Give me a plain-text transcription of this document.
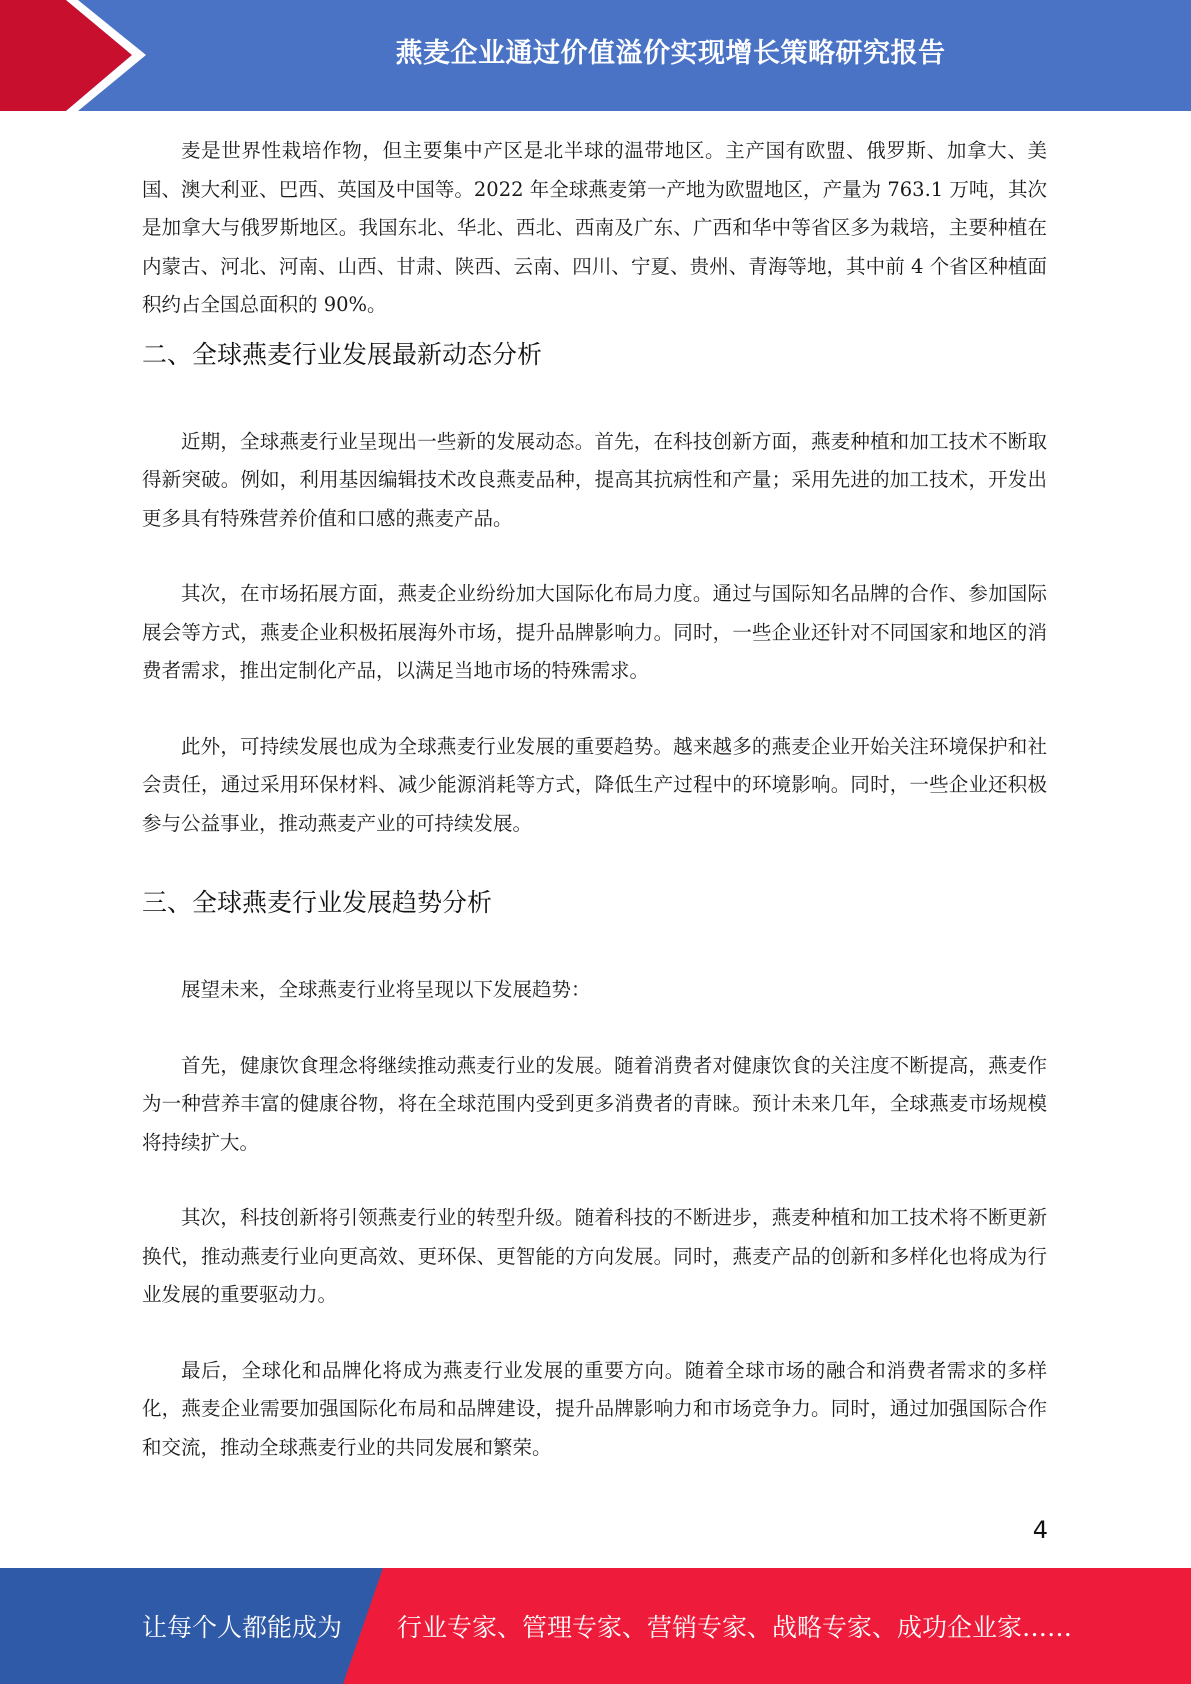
燕麦企业通过价值溢价实现增长策略研究报告

麦是世界性栽培作物，但主要集中产区是北半球的温带地区。主产国有欧盟、俄罗斯、加拿大、美国、澳大利亚、巴西、英国及中国等。2022 年全球燕麦第一产地为欧盟地区，产量为 763.1 万吨，其次是加拿大与俄罗斯地区。我国东北、华北、西北、西南及广东、广西和华中等省区多为栽培，主要种植在内蒙古、河北、河南、山西、甘肃、陕西、云南、四川、宁夏、贵州、青海等地，其中前 4 个省区种植面积约占全国总面积的 90%。

二、全球燕麦行业发展最新动态分析

近期，全球燕麦行业呈现出一些新的发展动态。首先，在科技创新方面，燕麦种植和加工技术不断取得新突破。例如，利用基因编辑技术改良燕麦品种，提高其抗病性和产量；采用先进的加工技术，开发出更多具有特殊营养价值和口感的燕麦产品。

其次，在市场拓展方面，燕麦企业纷纷加大国际化布局力度。通过与国际知名品牌的合作、参加国际展会等方式，燕麦企业积极拓展海外市场，提升品牌影响力。同时，一些企业还针对不同国家和地区的消费者需求，推出定制化产品，以满足当地市场的特殊需求。

此外，可持续发展也成为全球燕麦行业发展的重要趋势。越来越多的燕麦企业开始关注环境保护和社会责任，通过采用环保材料、减少能源消耗等方式，降低生产过程中的环境影响。同时，一些企业还积极参与公益事业，推动燕麦产业的可持续发展。

三、全球燕麦行业发展趋势分析

展望未来，全球燕麦行业将呈现以下发展趋势：

首先，健康饮食理念将继续推动燕麦行业的发展。随着消费者对健康饮食的关注度不断提高，燕麦作为一种营养丰富的健康谷物，将在全球范围内受到更多消费者的青睐。预计未来几年，全球燕麦市场规模将持续扩大。

其次，科技创新将引领燕麦行业的转型升级。随着科技的不断进步，燕麦种植和加工技术将不断更新换代，推动燕麦行业向更高效、更环保、更智能的方向发展。同时，燕麦产品的创新和多样化也将成为行业发展的重要驱动力。

最后，全球化和品牌化将成为燕麦行业发展的重要方向。随着全球市场的融合和消费者需求的多样化，燕麦企业需要加强国际化布局和品牌建设，提升品牌影响力和市场竞争力。同时，通过加强国际合作和交流，推动全球燕麦行业的共同发展和繁荣。

4
让每个人都能成为 行业专家、管理专家、营销专家、战略专家、成功企业家……
